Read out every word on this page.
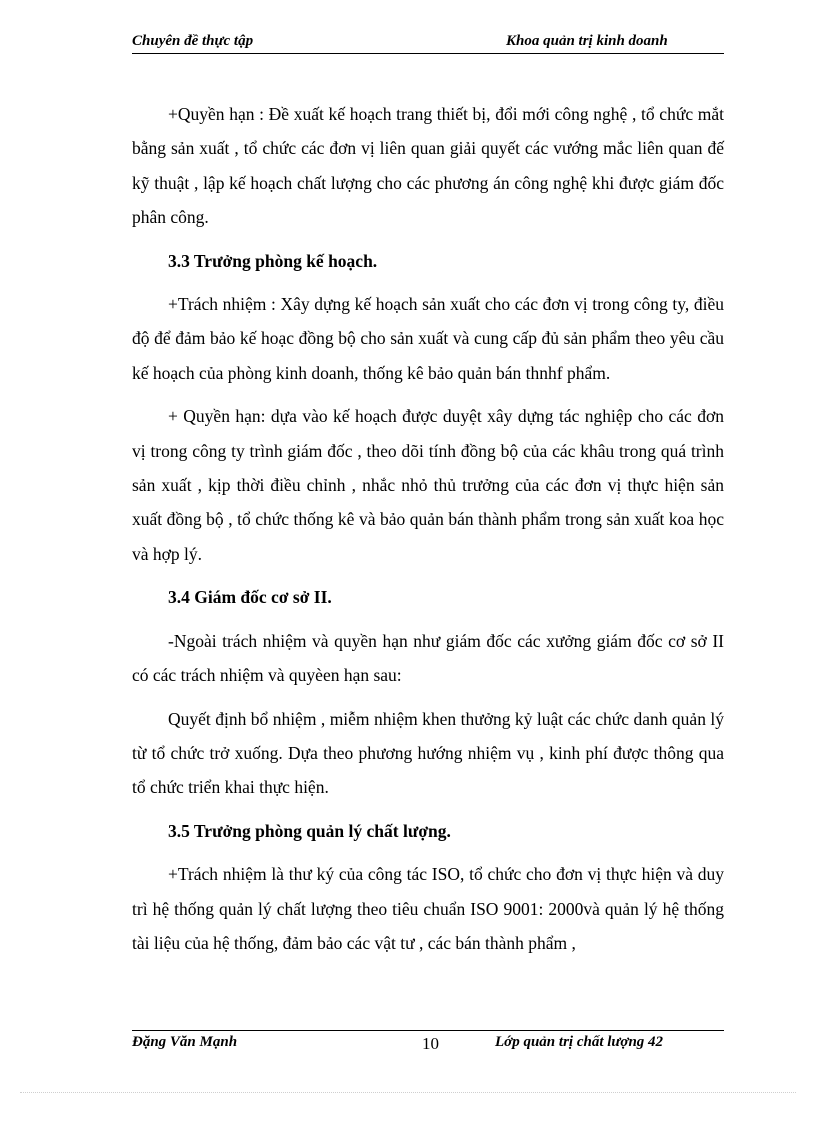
Chuyên đề thực tập	Khoa quản trị kinh doanh

+Quyền hạn : Đề xuất kế hoạch trang thiết bị, đổi mới công nghệ , tổ chức mắt bằng sản xuất , tổ chức các đơn vị liên quan giải quyết các vướng mắc liên quan đế kỹ thuật , lập kế hoạch chất lượng cho các phương án công nghệ khi được giám đốc phân công.

3.3 Trưởng phòng kế hoạch.

+Trách nhiệm : Xây dựng kế hoạch sản xuất cho các đơn vị trong công ty, điều độ để đảm bảo kế hoạc đồng bộ cho sản xuất và cung cấp đủ sản phẩm theo yêu cầu kế hoạch của phòng kinh doanh, thống kê bảo quản bán thnhf phẩm.

+ Quyền hạn: dựa vào kế hoạch được duyệt xây dựng tác nghiệp cho các đơn vị trong công ty trình giám đốc , theo dõi tính đồng bộ của các khâu trong quá trình sản xuất , kịp thời điều chỉnh , nhắc nhỏ thủ trưởng của các đơn vị thực hiện sản xuất đồng bộ , tổ chức thống kê và bảo quản bán thành phẩm trong sản xuất koa học và hợp lý.

3.4 Giám đốc cơ sở II.

-Ngoài trách nhiệm và quyền hạn như giám đốc các xưởng giám đốc cơ sở II có các trách nhiệm và quyèen hạn sau:

Quyết định bổ nhiệm , miễm nhiệm khen thưởng kỷ luật các chức danh quản lý từ tổ chức trở xuống. Dựa theo phương hướng nhiệm vụ , kinh phí được thông qua tổ chức triển khai thực hiện.

3.5 Trưởng phòng quản lý chất lượng.

+Trách nhiệm là thư ký của công tác ISO, tổ chức cho đơn vị thực hiện và duy trì hệ thống quản lý chất lượng theo tiêu chuẩn ISO 9001: 2000và quản lý hệ thống tài liệu của hệ thống, đảm bảo các vật tư , các bán thành phẩm ,

Đặng Văn Mạnh	10	Lớp quản trị chất lượng 42
